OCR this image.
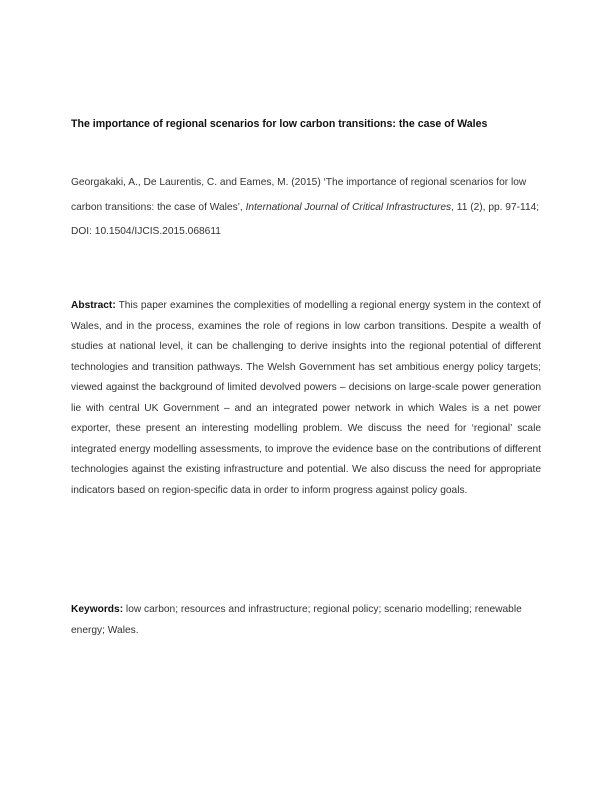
The importance of regional scenarios for low carbon transitions: the case of Wales
Georgakaki, A., De Laurentis, C. and Eames, M. (2015) ‘The importance of regional scenarios for low carbon transitions: the case of Wales’, International Journal of Critical Infrastructures, 11 (2), pp. 97-114; DOI: 10.1504/IJCIS.2015.068611
Abstract: This paper examines the complexities of modelling a regional energy system in the context of Wales, and in the process, examines the role of regions in low carbon transitions. Despite a wealth of studies at national level, it can be challenging to derive insights into the regional potential of different technologies and transition pathways. The Welsh Government has set ambitious energy policy targets; viewed against the background of limited devolved powers – decisions on large-scale power generation lie with central UK Government – and an integrated power network in which Wales is a net power exporter, these present an interesting modelling problem. We discuss the need for ‘regional’ scale integrated energy modelling assessments, to improve the evidence base on the contributions of different technologies against the existing infrastructure and potential. We also discuss the need for appropriate indicators based on region-specific data in order to inform progress against policy goals.
Keywords: low carbon; resources and infrastructure; regional policy; scenario modelling; renewable energy; Wales.
